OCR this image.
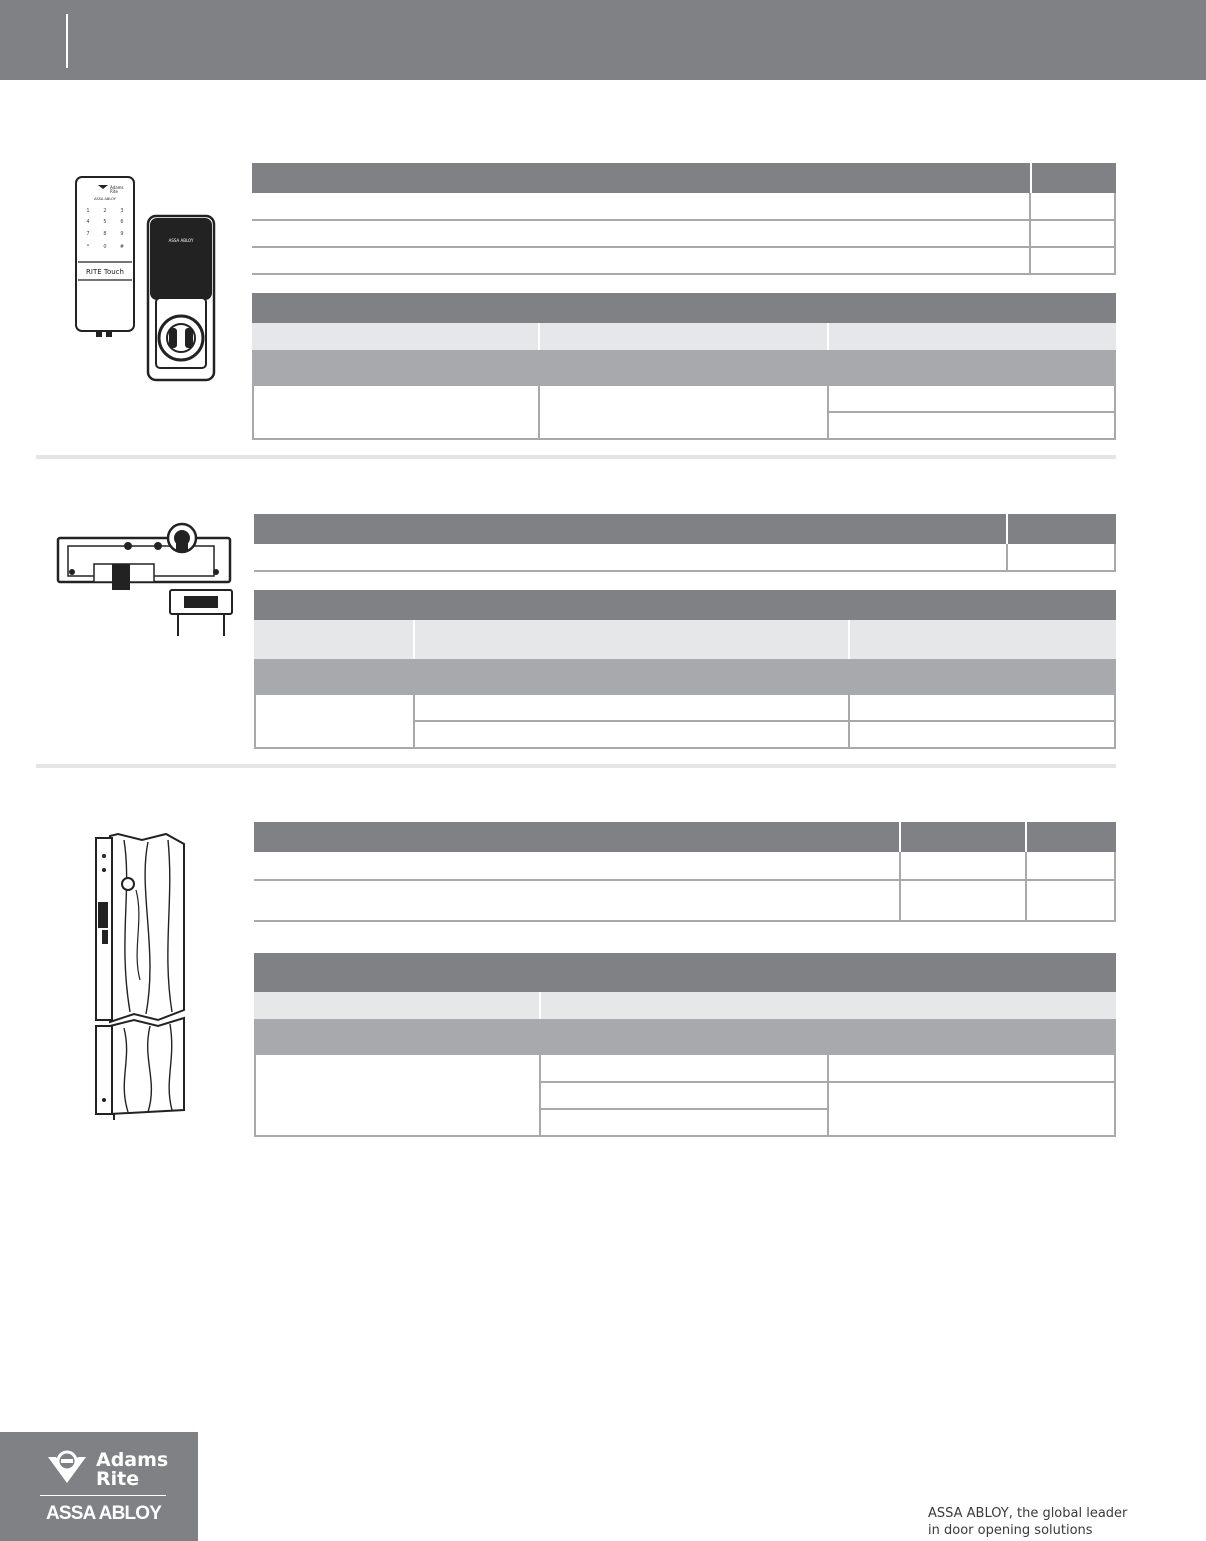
RITE Touch
Adams
Rite
ASSA ABLOY
1	2	3
4	5	6
7	8	9
*	0	#
ASSA ABLOY
Adams
Rite
ASSA ABLOY	ASSA ABLOY, the global leader
in door opening solutions
